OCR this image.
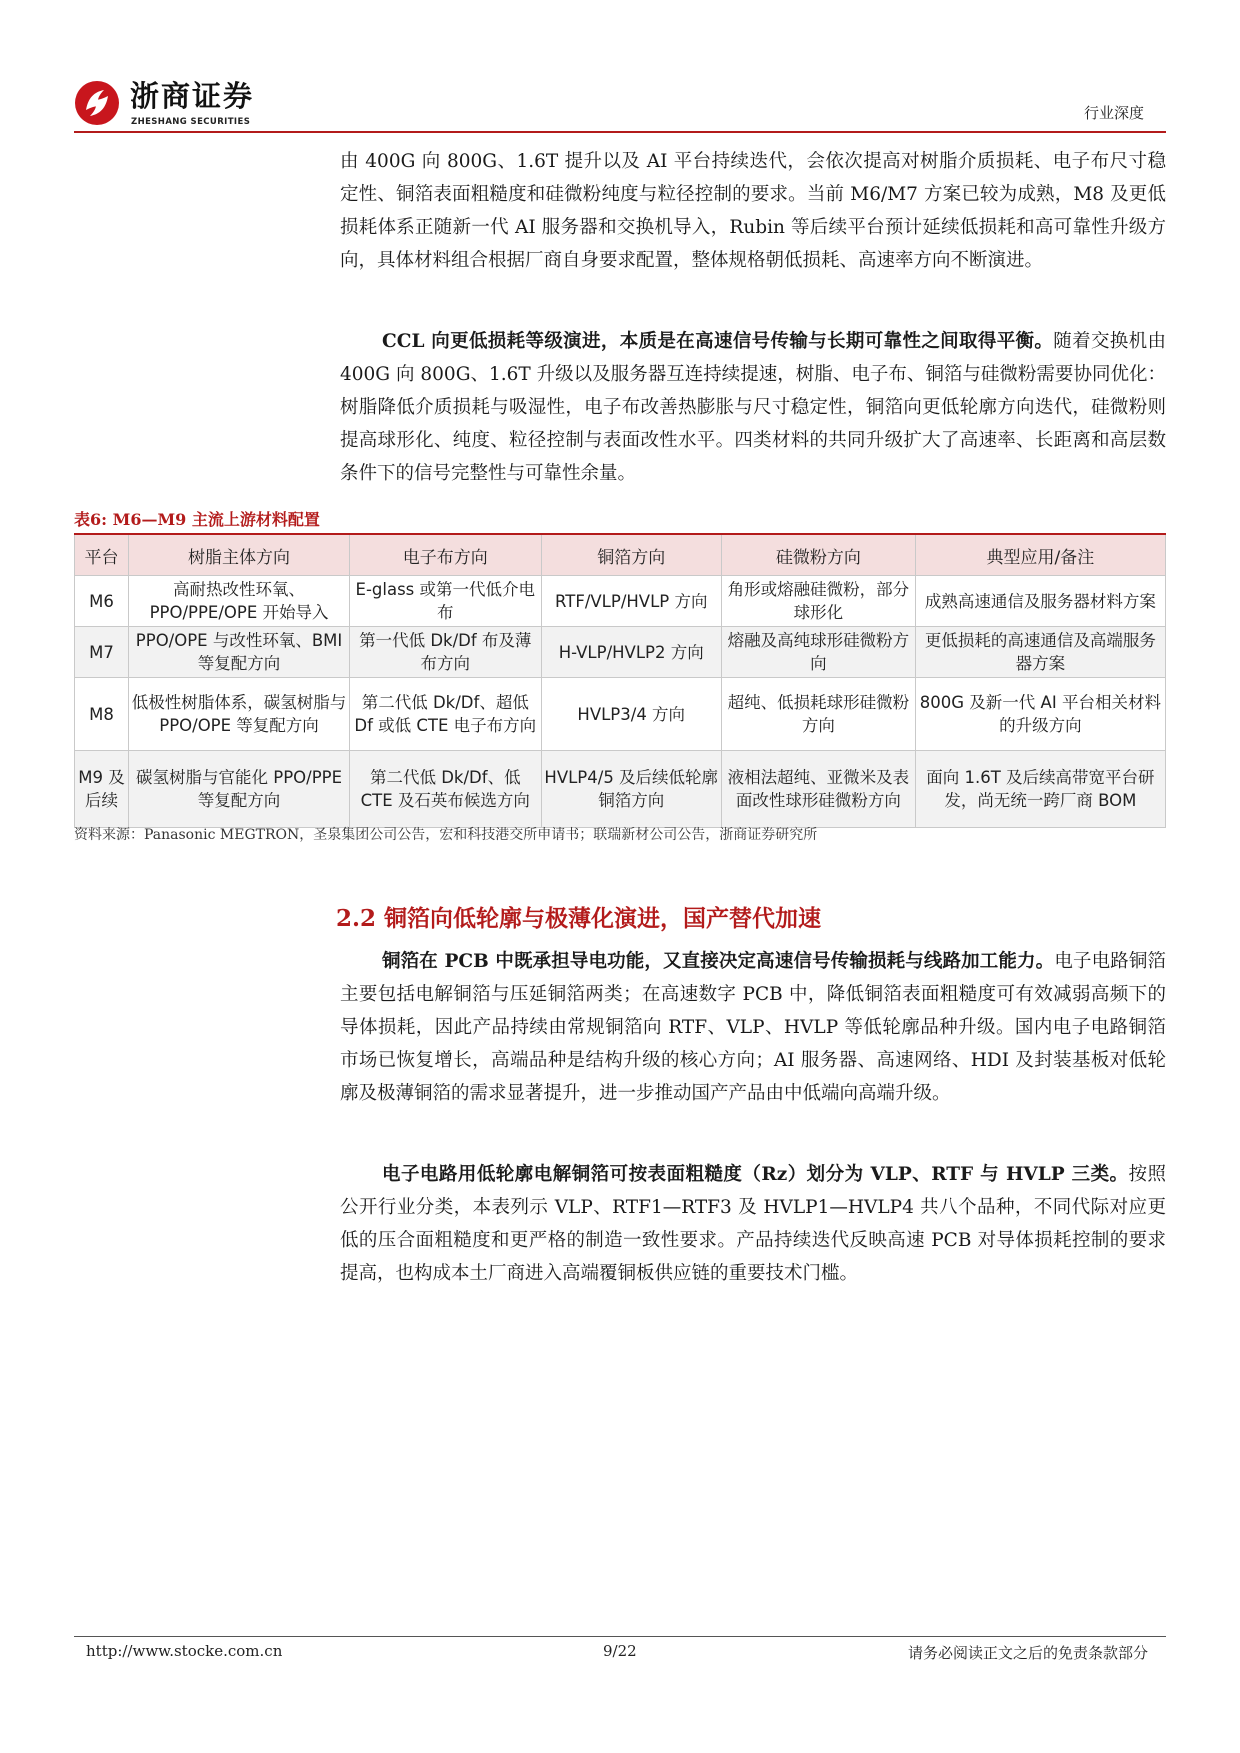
浙商证券
ZHESHANG SECURITIES	行业深度

由 400G 向 800G、1.6T 提升以及 AI 平台持续迭代，会依次提高对树脂介质损耗、电子布尺寸稳定性、铜箔表面粗糙度和硅微粉纯度与粒径控制的要求。当前 M6/M7 方案已较为成熟，M8 及更低损耗体系正随新一代 AI 服务器和交换机导入，Rubin 等后续平台预计延续低损耗和高可靠性升级方向，具体材料组合根据厂商自身要求配置，整体规格朝低损耗、高速率方向不断演进。

CCL 向更低损耗等级演进，本质是在高速信号传输与长期可靠性之间取得平衡。随着交换机由 400G 向 800G、1.6T 升级以及服务器互连持续提速，树脂、电子布、铜箔与硅微粉需要协同优化：树脂降低介质损耗与吸湿性，电子布改善热膨胀与尺寸稳定性，铜箔向更低轮廓方向迭代，硅微粉则提高球形化、纯度、粒径控制与表面改性水平。四类材料的共同升级扩大了高速率、长距离和高层数条件下的信号完整性与可靠性余量。

表6: M6—M9 主流上游材料配置
平台	树脂主体方向	电子布方向	铜箔方向	硅微粉方向	典型应用/备注
M6	高耐热改性环氧、PPO/PPE/OPE 开始导入	E-glass 或第一代低介电布	RTF/VLP/HVLP 方向	角形或熔融硅微粉，部分球形化	成熟高速通信及服务器材料方案
M7	PPO/OPE 与改性环氧、BMI 等复配方向	第一代低 Dk/Df 布及薄布方向	H-VLP/HVLP2 方向	熔融及高纯球形硅微粉方向	更低损耗的高速通信及高端服务器方案
M8	低极性树脂体系，碳氢树脂与 PPO/OPE 等复配方向	第二代低 Dk/Df、超低 Df 或低 CTE 电子布方向	HVLP3/4 方向	超纯、低损耗球形硅微粉方向	800G 及新一代 AI 平台相关材料的升级方向
M9 及后续	碳氢树脂与官能化 PPO/PPE 等复配方向	第二代低 Dk/Df、低 CTE 及石英布候选方向	HVLP4/5 及后续低轮廓铜箔方向	液相法超纯、亚微米及表面改性球形硅微粉方向	面向 1.6T 及后续高带宽平台研发，尚无统一跨厂商 BOM
资料来源：Panasonic MEGTRON，圣泉集团公司公告，宏和科技港交所申请书；联瑞新材公司公告，浙商证券研究所
2.2 铜箔向低轮廓与极薄化演进，国产替代加速

铜箔在 PCB 中既承担导电功能，又直接决定高速信号传输损耗与线路加工能力。电子电路铜箔主要包括电解铜箔与压延铜箔两类；在高速数字 PCB 中，降低铜箔表面粗糙度可有效减弱高频下的导体损耗，因此产品持续由常规铜箔向 RTF、VLP、HVLP 等低轮廓品种升级。国内电子电路铜箔市场已恢复增长，高端品种是结构升级的核心方向；AI 服务器、高速网络、HDI 及封装基板对低轮廓及极薄铜箔的需求显著提升，进一步推动国产产品由中低端向高端升级。

电子电路用低轮廓电解铜箔可按表面粗糙度（Rz）划分为 VLP、RTF 与 HVLP 三类。按照公开行业分类，本表列示 VLP、RTF1—RTF3 及 HVLP1—HVLP4 共八个品种，不同代际对应更低的压合面粗糙度和更严格的制造一致性要求。产品持续迭代反映高速 PCB 对导体损耗控制的要求提高，也构成本土厂商进入高端覆铜板供应链的重要技术门槛。

http://www.stocke.com.cn	9/22	请务必阅读正文之后的免责条款部分
